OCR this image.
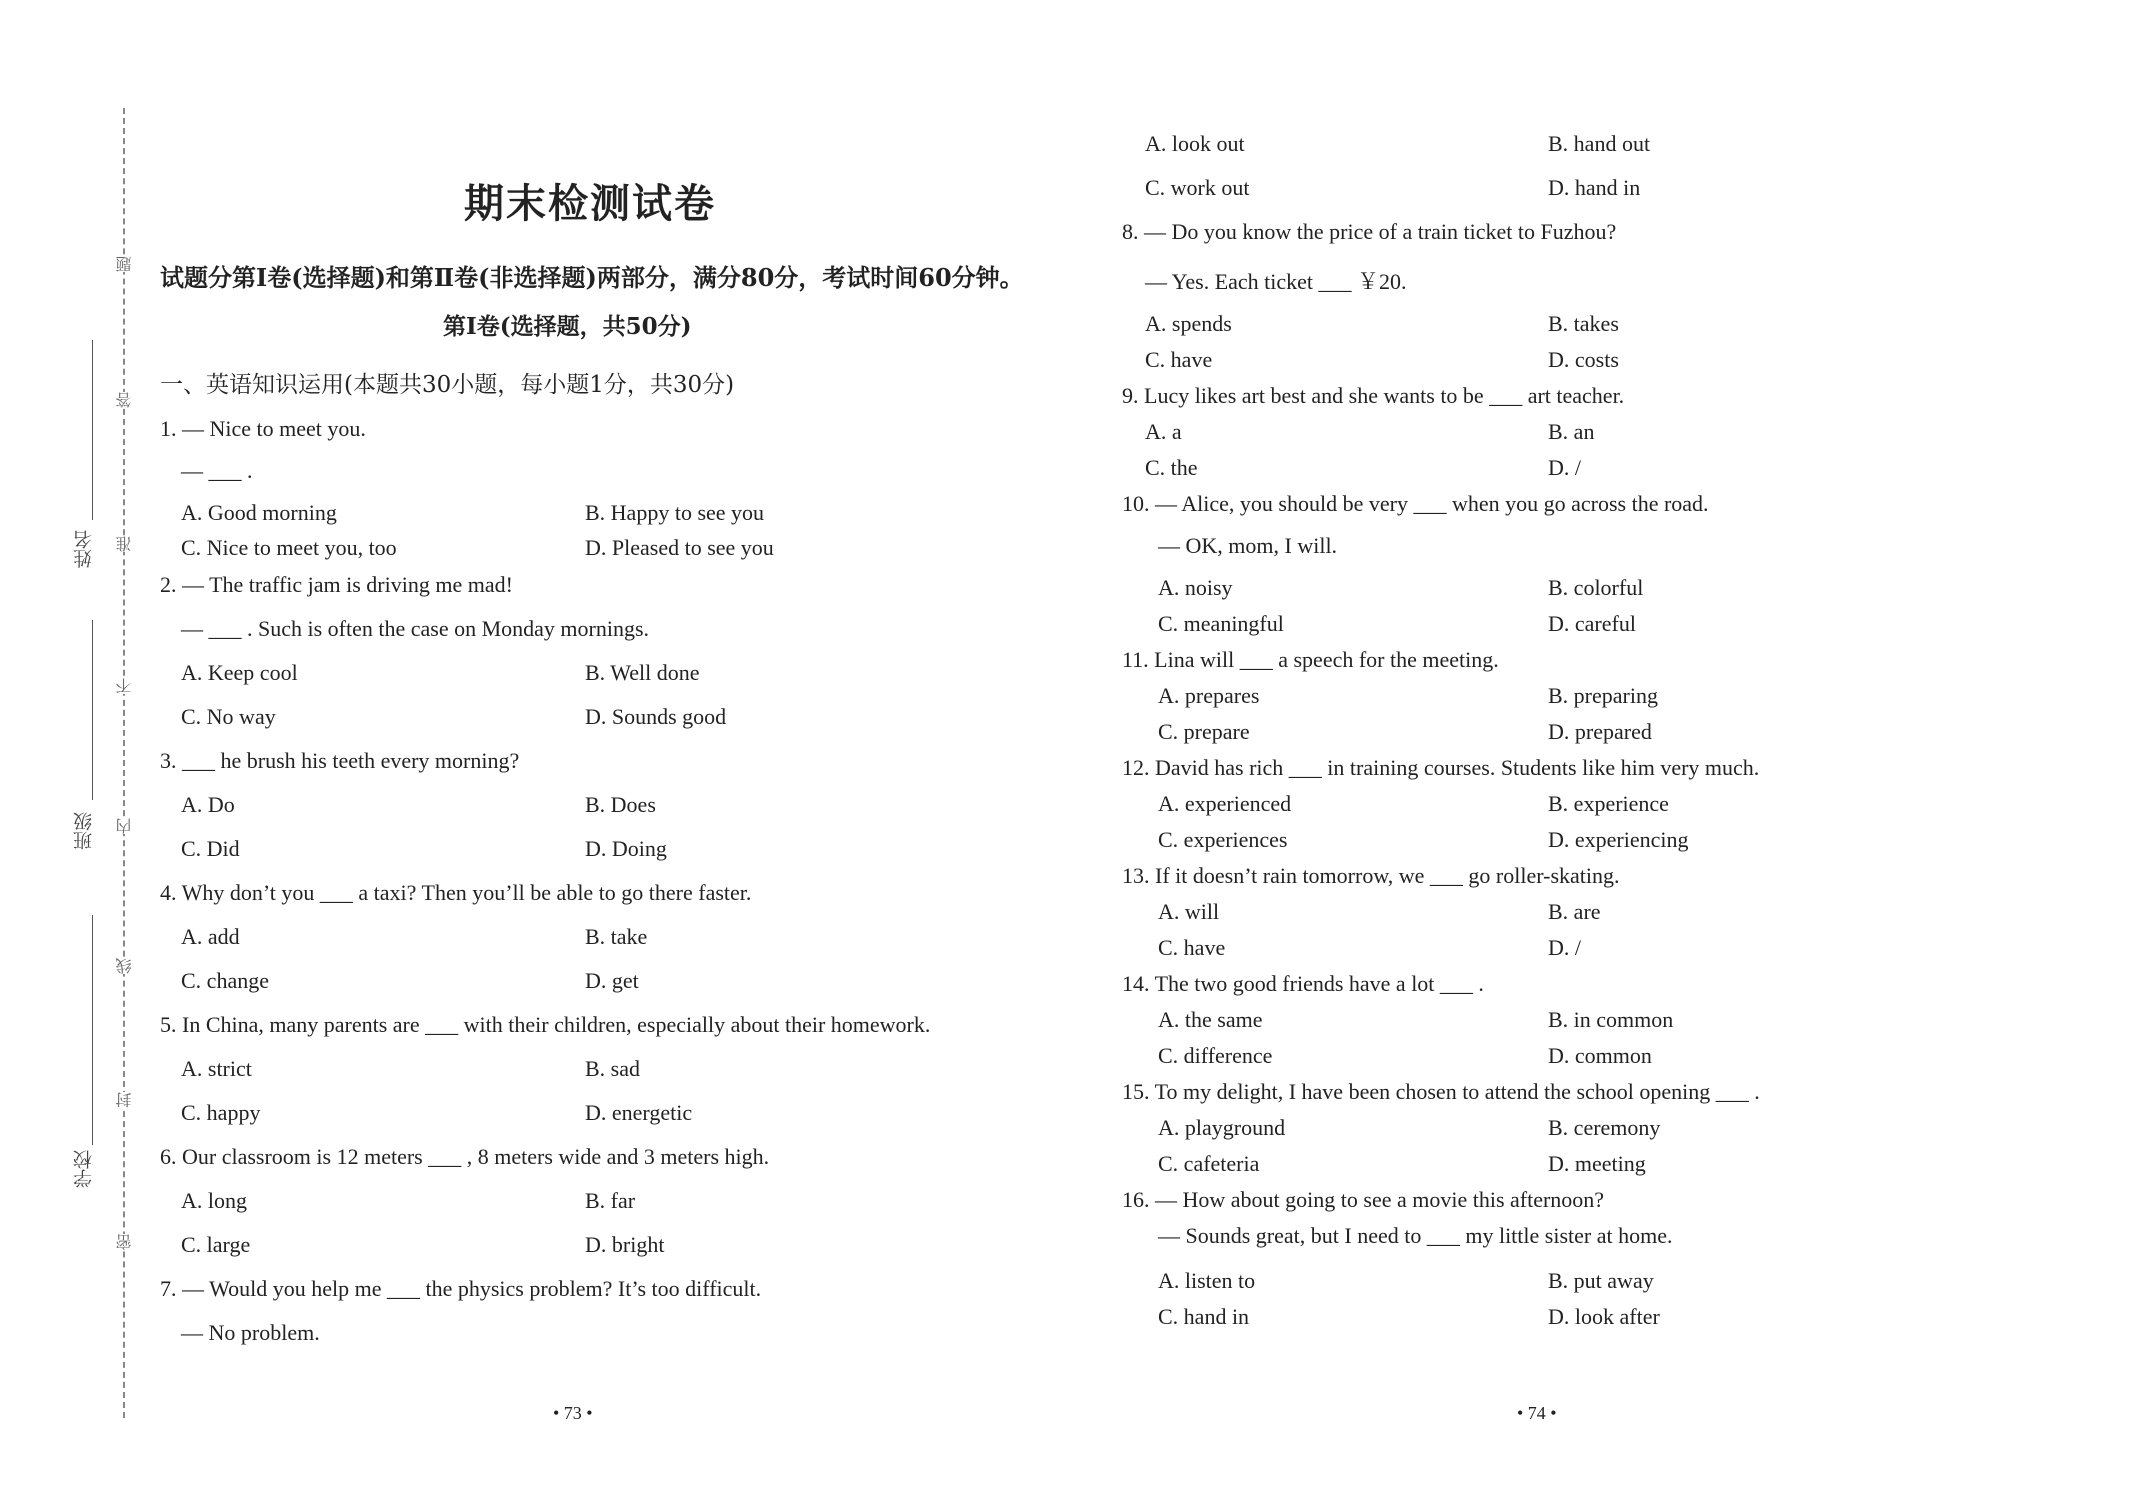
姓名
班级
学校
密
封
线
内
不
准
答
题
期末检测试卷
试题分第Ⅰ卷(选择题)和第Ⅱ卷(非选择题)两部分，满分80分，考试时间60分钟。
第Ⅰ卷(选择题，共50分)
一、英语知识运用(本题共30小题，每小题1分，共30分)
1. — Nice to meet you.
— ___ .
A. Good morning	B. Happy to see you
C. Nice to meet you, too	D. Pleased to see you
2. — The traffic jam is driving me mad!
— ___ . Such is often the case on Monday mornings.
A. Keep cool	B. Well done
C. No way	D. Sounds good
3. ___ he brush his teeth every morning?
A. Do	B. Does
C. Did	D. Doing
4. Why don’t you ___ a taxi? Then you’ll be able to go there faster.
A. add	B. take
C. change	D. get
5. In China, many parents are ___ with their children, especially about their homework.
A. strict	B. sad
C. happy	D. energetic
6. Our classroom is 12 meters ___ , 8 meters wide and 3 meters high.
A. long	B. far
C. large	D. bright
7. — Would you help me ___ the physics problem? It’s too difficult.
— No problem.
• 73 •
A. look out	B. hand out
C. work out	D. hand in
8. — Do you know the price of a train ticket to Fuzhou?
— Yes. Each ticket ___ ￥20.
A. spends	B. takes
C. have	D. costs
9. Lucy likes art best and she wants to be ___ art teacher.
A. a	B. an
C. the	D. /
10. — Alice, you should be very ___ when you go across the road.
— OK, mom, I will.
A. noisy	B. colorful
C. meaningful	D. careful
11. Lina will ___ a speech for the meeting.
A. prepares	B. preparing
C. prepare	D. prepared
12. David has rich ___ in training courses. Students like him very much.
A. experienced	B. experience
C. experiences	D. experiencing
13. If it doesn’t rain tomorrow, we ___ go roller-skating.
A. will	B. are
C. have	D. /
14. The two good friends have a lot ___ .
A. the same	B. in common
C. difference	D. common
15. To my delight, I have been chosen to attend the school opening ___ .
A. playground	B. ceremony
C. cafeteria	D. meeting
16. — How about going to see a movie this afternoon?
— Sounds great, but I need to ___ my little sister at home.
A. listen to	B. put away
C. hand in	D. look after
• 74 •
